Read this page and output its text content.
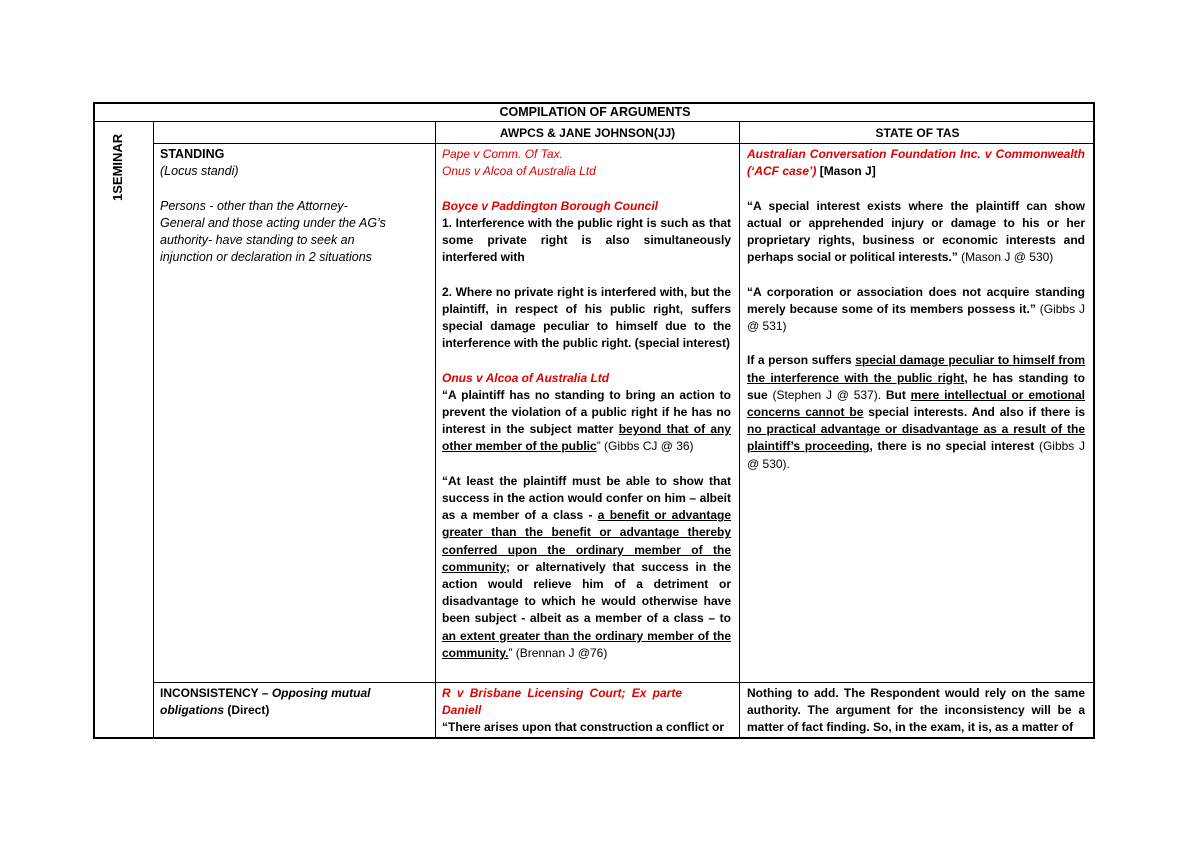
COMPILATION OF ARGUMENTS
1SEMINAR
AWPCS & JANE JOHNSON(JJ)	STATE OF TAS

STANDING

(Locus standi)

Persons - other than the Attorney-General and those acting under the AG’s authority- have standing to seek an injunction or declaration in 2 situations

Pape v Comm. Of Tax.

Onus v Alcoa of Australia Ltd

Boyce v Paddington Borough Council

1. Interference with the public right is such as that some private right is also simultaneously interfered with

2. Where no private right is interfered with, but the plaintiff, in respect of his public right, suffers special damage peculiar to himself due to the interference with the public right. (special interest)

Onus v Alcoa of Australia Ltd

“A plaintiff has no standing to bring an action to prevent the violation of a public right if he has no interest in the subject matter beyond that of any other member of the public” (Gibbs CJ @ 36)

“At least the plaintiff must be able to show that success in the action would confer on him – albeit as a member of a class - a benefit or advantage greater than the benefit or advantage thereby conferred upon the ordinary member of the community; or alternatively that success in the action would relieve him of a detriment or disadvantage to which he would otherwise have been subject - albeit as a member of a class – to an extent greater than the ordinary member of the community.” (Brennan J @76)

Australian Conversation Foundation Inc. v Commonwealth (‘ACF case’) [Mason J]

“A special interest exists where the plaintiff can show actual or apprehended injury or damage to his or her proprietary rights, business or economic interests and perhaps social or political interests.” (Mason J @ 530)

“A corporation or association does not acquire standing merely because some of its members possess it.” (Gibbs J @ 531)

If a person suffers special damage peculiar to himself from the interference with the public right, he has standing to sue (Stephen J @ 537). But mere intellectual or emotional concerns cannot be special interests. And also if there is no practical advantage or disadvantage as a result of the plaintiff’s proceeding, there is no special interest (Gibbs J @ 530).

INCONSISTENCY – Opposing mutual obligations (Direct)

R v Brisbane Licensing Court; Ex parte Daniell

“There arises upon that construction a conflict or

Nothing to add. The Respondent would rely on the same authority. The argument for the inconsistency will be a matter of fact finding. So, in the exam, it is, as a matter of
